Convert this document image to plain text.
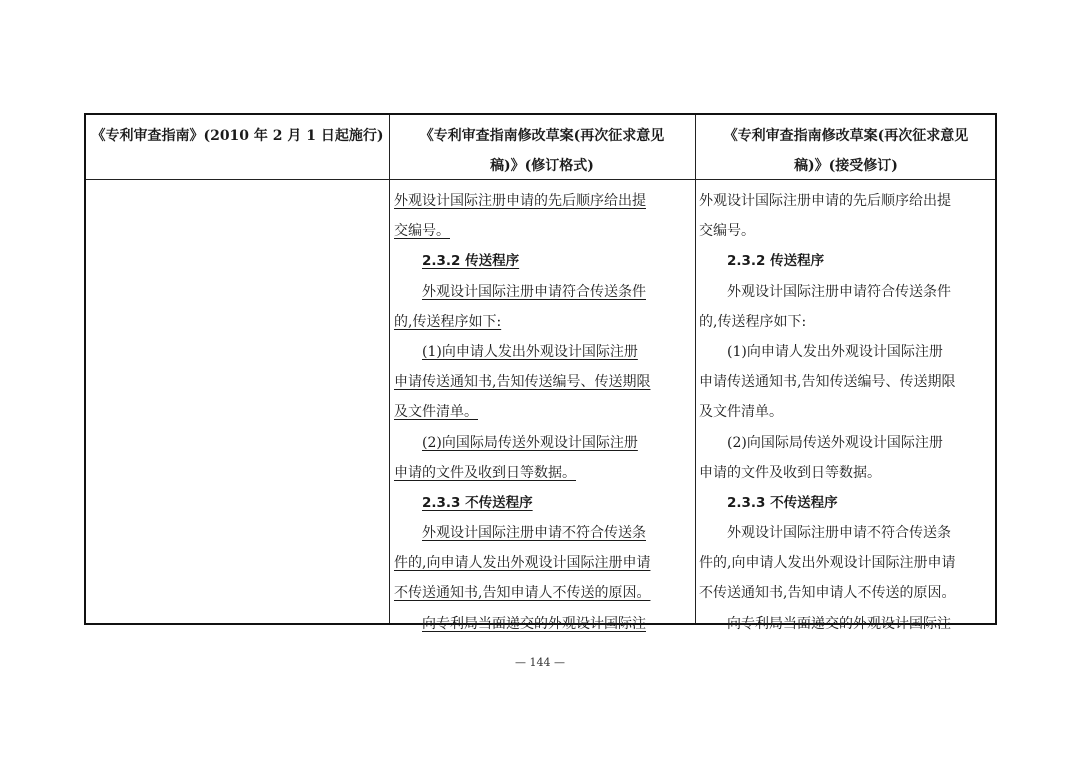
《专利审查指南》(2010 年 2 月 1 日起施行)	《专利审查指南修改草案(再次征求意见
稿)》(修订格式)
《专利审查指南修改草案(再次征求意见
稿)》(接受修订)
外观设计国际注册申请的先后顺序给出提
交编号。
2.3.2 传送程序
外观设计国际注册申请符合传送条件
的,传送程序如下:
(1)向申请人发出外观设计国际注册
申请传送通知书,告知传送编号、传送期限
及文件清单。
(2)向国际局传送外观设计国际注册
申请的文件及收到日等数据。
2.3.3 不传送程序
外观设计国际注册申请不符合传送条
件的,向申请人发出外观设计国际注册申请
不传送通知书,告知申请人不传送的原因。
向专利局当面递交的外观设计国际注
外观设计国际注册申请的先后顺序给出提
交编号。
2.3.2 传送程序
外观设计国际注册申请符合传送条件
的,传送程序如下:
(1)向申请人发出外观设计国际注册
申请传送通知书,告知传送编号、传送期限
及文件清单。
(2)向国际局传送外观设计国际注册
申请的文件及收到日等数据。
2.3.3 不传送程序
外观设计国际注册申请不符合传送条
件的,向申请人发出外观设计国际注册申请
不传送通知书,告知申请人不传送的原因。
向专利局当面递交的外观设计国际注
— 144 —
